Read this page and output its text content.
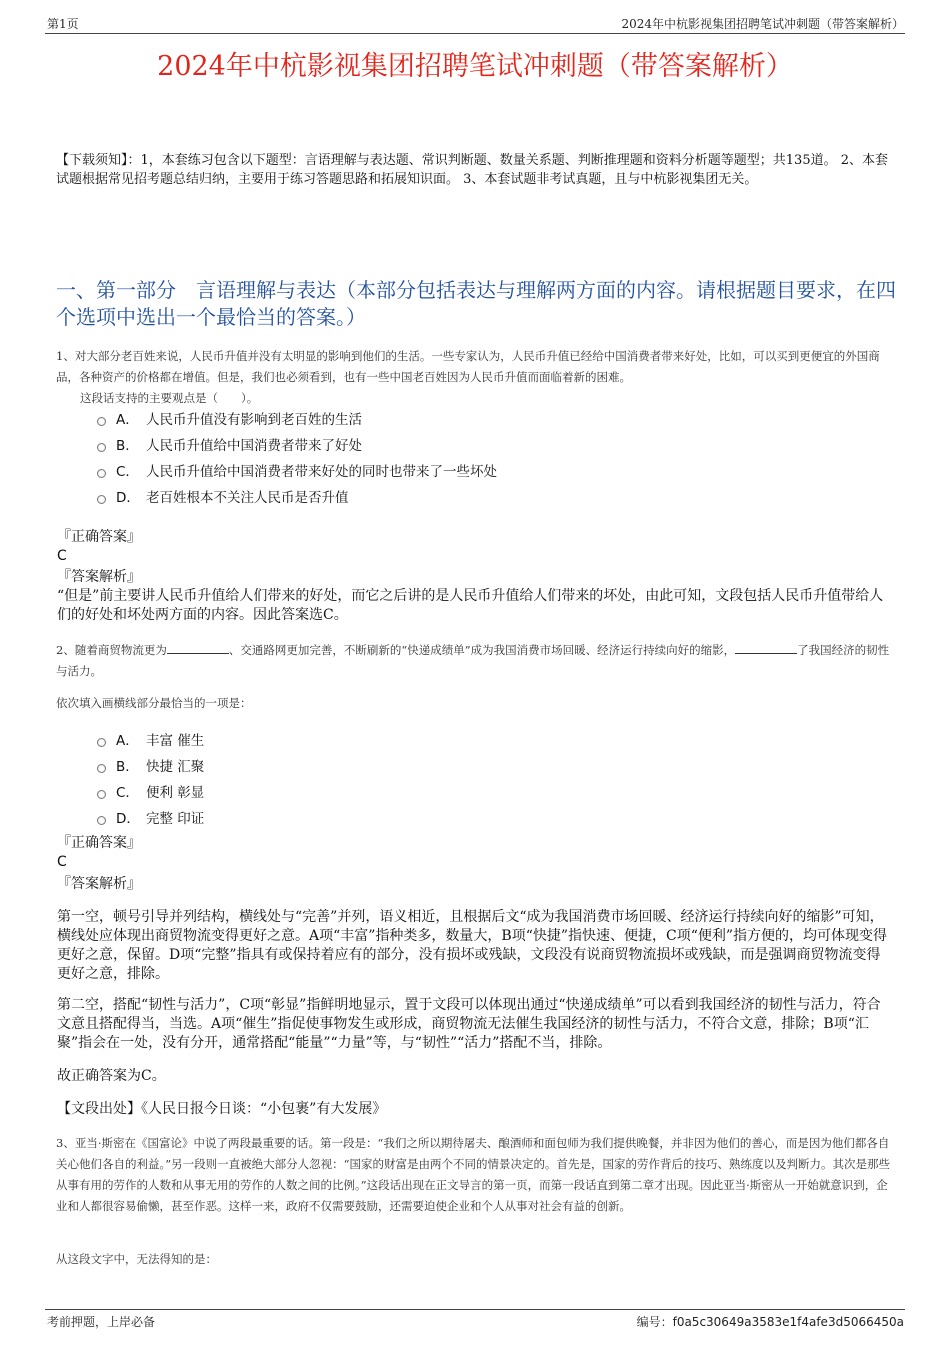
第1页	2024年中杭影视集团招聘笔试冲刺题（带答案解析）
2024年中杭影视集团招聘笔试冲刺题（带答案解析）
【下载须知】：1，本套练习包含以下题型：言语理解与表达题、常识判断题、数量关系题、判断推理题和资料分析题等题型；共135道。 2、本套试题根据常见招考题总结归纳，主要用于练习答题思路和拓展知识面。 3、本套试题非考试真题，且与中杭影视集团无关。
一、第一部分　言语理解与表达（本部分包括表达与理解两方面的内容。请根据题目要求，在四个选项中选出一个最恰当的答案。）
1、对大部分老百姓来说，人民币升值并没有太明显的影响到他们的生活。一些专家认为，人民币升值已经给中国消费者带来好处，比如，可以买到更便宜的外国商品，各种资产的价格都在增值。但是，我们也必须看到，也有一些中国老百姓因为人民币升值而面临着新的困难。
这段话支持的主要观点是（　　）。
A． 人民币升值没有影响到老百姓的生活
B． 人民币升值给中国消费者带来了好处
C． 人民币升值给中国消费者带来好处的同时也带来了一些坏处
D． 老百姓根本不关注人民币是否升值
『正确答案』
C
『答案解析』
“但是”前主要讲人民币升值给人们带来的好处，而它之后讲的是人民币升值给人们带来的坏处，由此可知，文段包括人民币升值带给人们的好处和坏处两方面的内容。因此答案选C。
2、随着商贸物流更为	、交通路网更加完善，不断刷新的“快递成绩单”成为我国消费市场回暖、经济运行持续向好的缩影，	了我国经济的韧性与活力。
依次填入画横线部分最恰当的一项是：
A． 丰富 催生
B． 快捷 汇聚
C． 便利 彰显
D． 完整 印证
『正确答案』
C
『答案解析』
第一空，顿号引导并列结构，横线处与“完善”并列，语义相近，且根据后文“成为我国消费市场回暖、经济运行持续向好的缩影”可知，横线处应体现出商贸物流变得更好之意。A项“丰富”指种类多，数量大，B项“快捷”指快速、便捷，C项“便利”指方便的，均可体现变得更好之意，保留。D项“完整”指具有或保持着应有的部分，没有损坏或残缺，文段没有说商贸物流损坏或残缺，而是强调商贸物流变得更好之意，排除。
第二空，搭配“韧性与活力”，C项“彰显”指鲜明地显示，置于文段可以体现出通过“快递成绩单”可以看到我国经济的韧性与活力，符合文意且搭配得当，当选。A项“催生”指促使事物发生或形成，商贸物流无法催生我国经济的韧性与活力，不符合文意，排除；B项“汇聚”指会在一处，没有分开，通常搭配“能量”“力量”等，与“韧性”“活力”搭配不当，排除。
故正确答案为C。
【文段出处】《人民日报今日谈：“小包裹”有大发展》
3、亚当·斯密在《国富论》中说了两段最重要的话。第一段是：“我们之所以期待屠夫、酿酒师和面包师为我们提供晚餐，并非因为他们的善心，而是因为他们都各自关心他们各自的利益。”另一段则一直被绝大部分人忽视：“国家的财富是由两个不同的情景决定的。首先是，国家的劳作背后的技巧、熟练度以及判断力。其次是那些从事有用的劳作的人数和从事无用的劳作的人数之间的比例。”这段话出现在正文导言的第一页，而第一段话直到第二章才出现。因此亚当·斯密从一开始就意识到，企业和人都很容易偷懒，甚至作恶。这样一来，政府不仅需要鼓励，还需要迫使企业和个人从事对社会有益的创新。
从这段文字中，无法得知的是：
考前押题，上岸必备	编号：f0a5c30649a3583e1f4afe3d5066450a
